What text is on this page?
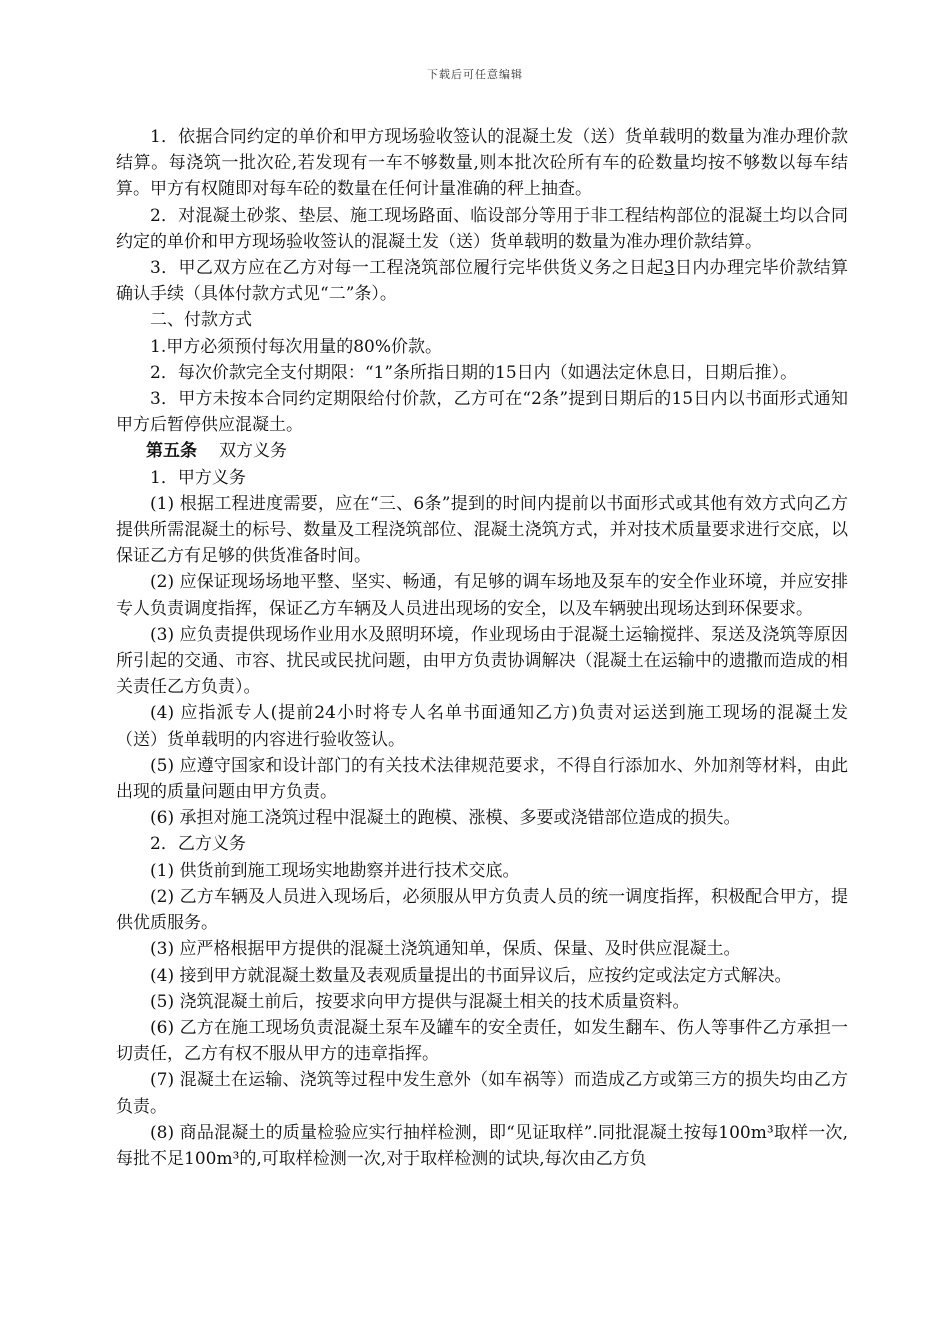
下载后可任意编辑

1．依据合同约定的单价和甲方现场验收签认的混凝土发（送）货单载明的数量为准办理价款结算。每浇筑一批次砼,若发现有一车不够数量,则本批次砼所有车的砼数量均按不够数以每车结算。甲方有权随即对每车砼的数量在任何计量准确的秤上抽查。

2．对混凝土砂浆、垫层、施工现场路面、临设部分等用于非工程结构部位的混凝土均以合同约定的单价和甲方现场验收签认的混凝土发（送）货单载明的数量为准办理价款结算。

3．甲乙双方应在乙方对每一工程浇筑部位履行完毕供货义务之日起3日内办理完毕价款结算确认手续（具体付款方式见“二”条）。

二、付款方式

1.甲方必须预付每次用量的80%价款。

2．每次价款完全支付期限：“1”条所指日期的15日内（如遇法定休息日，日期后推）。

3．甲方未按本合同约定期限给付价款，乙方可在“2条”提到日期后的15日内以书面形式通知甲方后暂停供应混凝土。

第五条 双方义务

1．甲方义务

(1) 根据工程进度需要，应在“三、6条”提到的时间内提前以书面形式或其他有效方式向乙方提供所需混凝土的标号、数量及工程浇筑部位、混凝土浇筑方式，并对技术质量要求进行交底，以保证乙方有足够的供货准备时间。

(2) 应保证现场场地平整、坚实、畅通，有足够的调车场地及泵车的安全作业环境，并应安排专人负责调度指挥，保证乙方车辆及人员进出现场的安全，以及车辆驶出现场达到环保要求。

(3) 应负责提供现场作业用水及照明环境，作业现场由于混凝土运输搅拌、泵送及浇筑等原因所引起的交通、市容、扰民或民扰问题，由甲方负责协调解决（混凝土在运输中的遗撒而造成的相关责任乙方负责）。

(4) 应指派专人(提前24小时将专人名单书面通知乙方)负责对运送到施工现场的混凝土发（送）货单载明的内容进行验收签认。

(5) 应遵守国家和设计部门的有关技术法律规范要求，不得自行添加水、外加剂等材料，由此出现的质量问题由甲方负责。

(6) 承担对施工浇筑过程中混凝土的跑模、涨模、多要或浇错部位造成的损失。

2．乙方义务

(1) 供货前到施工现场实地勘察并进行技术交底。

(2) 乙方车辆及人员进入现场后，必须服从甲方负责人员的统一调度指挥，积极配合甲方，提供优质服务。

(3) 应严格根据甲方提供的混凝土浇筑通知单，保质、保量、及时供应混凝土。

(4) 接到甲方就混凝土数量及表观质量提出的书面异议后，应按约定或法定方式解决。

(5) 浇筑混凝土前后，按要求向甲方提供与混凝土相关的技术质量资料。

(6) 乙方在施工现场负责混凝土泵车及罐车的安全责任，如发生翻车、伤人等事件乙方承担一切责任，乙方有权不服从甲方的违章指挥。

(7) 混凝土在运输、浇筑等过程中发生意外（如车祸等）而造成乙方或第三方的损失均由乙方负责。

(8) 商品混凝土的质量检验应实行抽样检测，即“见证取样”.同批混凝土按每100m³取样一次,每批不足100m³的,可取样检测一次,对于取样检测的试块,每次由乙方负
